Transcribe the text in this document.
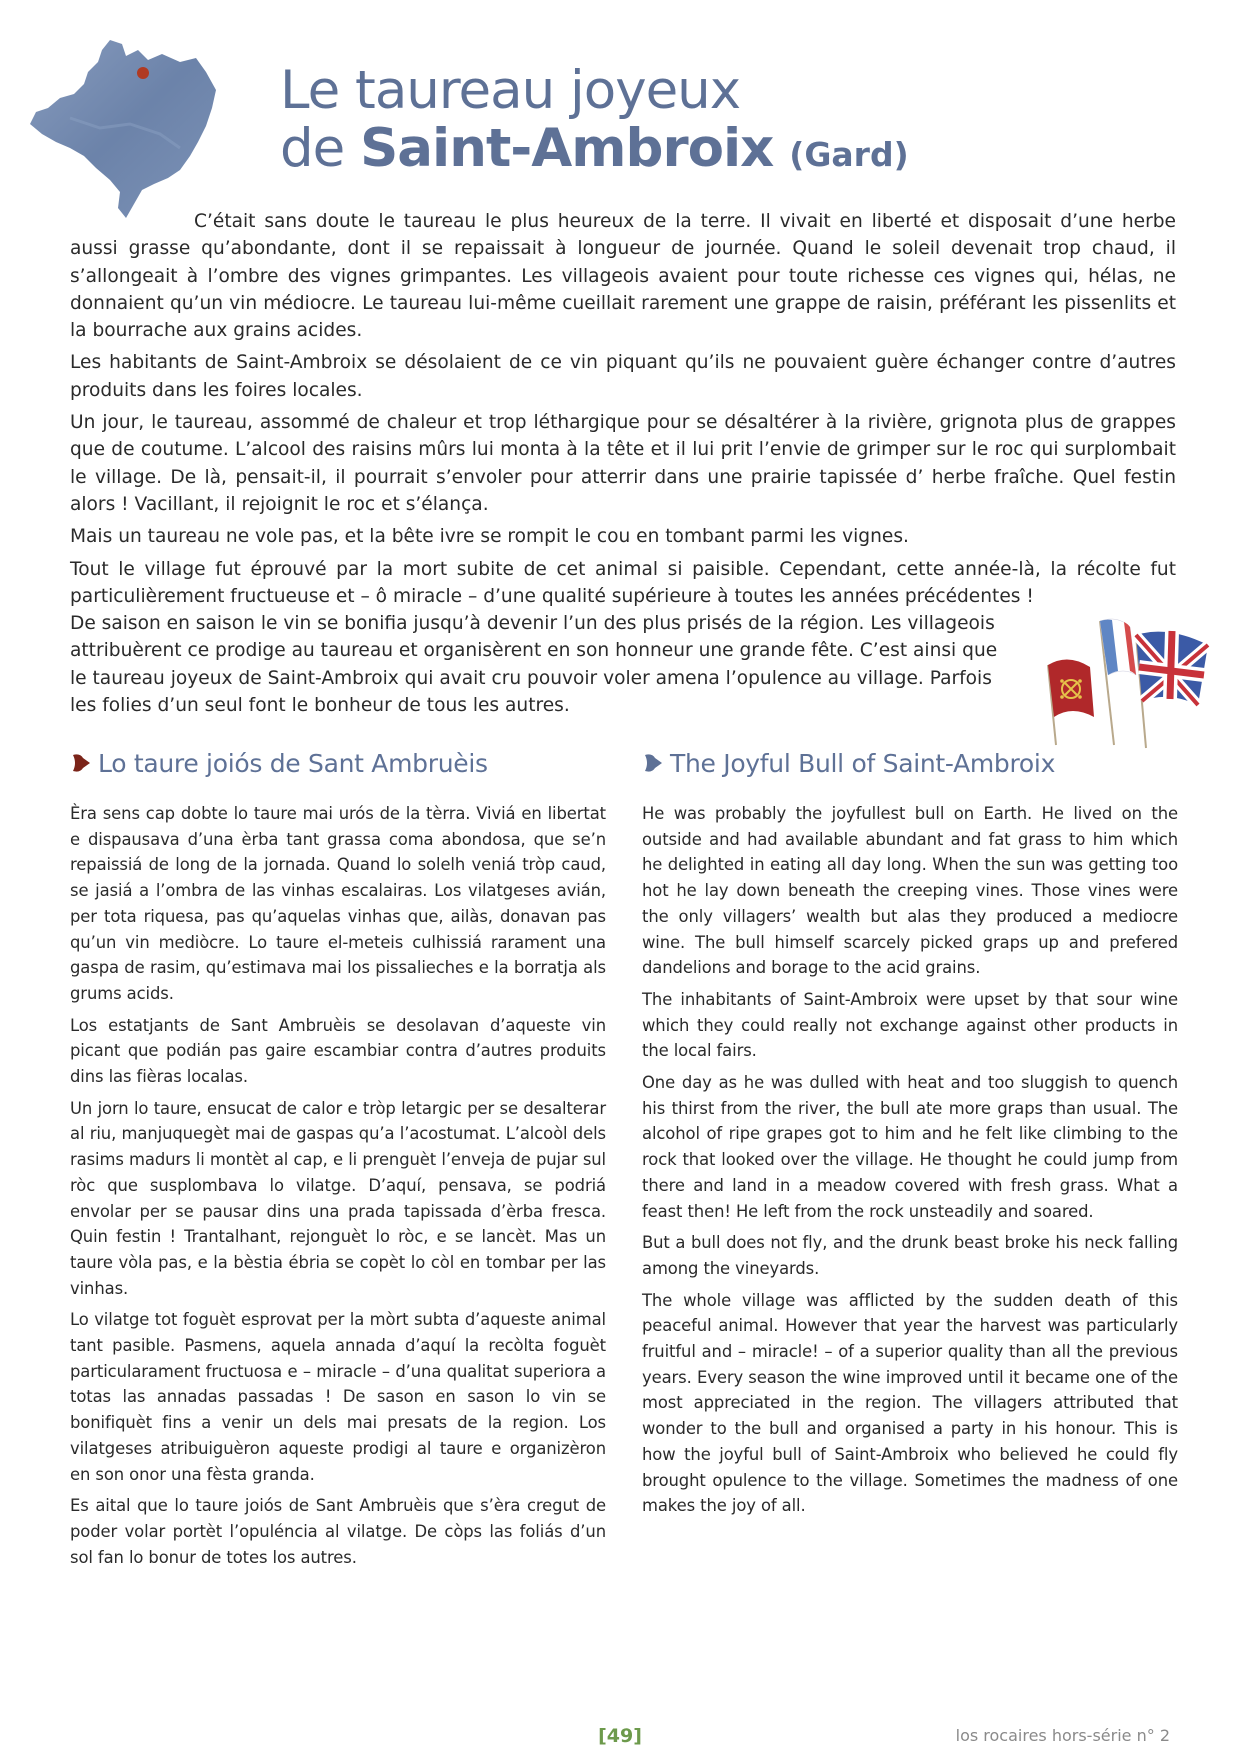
Le taureau joyeux
de Saint-Ambroix (Gard)

C’était sans doute le taureau le plus heureux de la terre. Il vivait en liberté et disposait d’une herbe aussi grasse qu’abondante, dont il se repaissait à longueur de journée. Quand le soleil devenait trop chaud, il s’allongeait à l’ombre des vignes grimpantes. Les villageois avaient pour toute richesse ces vignes qui, hélas, ne donnaient qu’un vin médiocre. Le taureau lui-même cueillait rarement une grappe de raisin, préférant les pissenlits et la bourrache aux grains acides.

Les habitants de Saint-Ambroix se désolaient de ce vin piquant qu’ils ne pouvaient guère échanger contre d’autres produits dans les foires locales.

Un jour, le taureau, assommé de chaleur et trop léthargique pour se désaltérer à la rivière, grignota plus de grappes que de coutume. L’alcool des raisins mûrs lui monta à la tête et il lui prit l’envie de grimper sur le roc qui surplombait le village. De là, pensait-il, il pourrait s’envoler pour atterrir dans une prairie tapissée d’ herbe fraîche. Quel festin alors ! Vacillant, il rejoignit le roc et s’élança.

Mais un taureau ne vole pas, et la bête ivre se rompit le cou en tombant parmi les vignes.

Tout le village fut éprouvé par la mort subite de cet animal si paisible. Cependant, cette année-là, la récolte fut particulièrement fructueuse et – ô miracle – d’une qualité supérieure à toutes les années précédentes !

De saison en saison le vin se bonifia jusqu’à devenir l’un des plus prisés de la région. Les villageois attribuèrent ce prodige au taureau et organisèrent en son honneur une grande fête. C’est ainsi que le taureau joyeux de Saint-Ambroix qui avait cru pouvoir voler amena l’opulence au village. Parfois les folies d’un seul font le bonheur de tous les autres.

Lo taure joiós de Sant Ambruèis

Èra sens cap dobte lo taure mai urós de la tèrra. Viviá en libertat e dispausava d’una èrba tant grassa coma abondosa, que se’n repaissiá de long de la jornada. Quand lo solelh veniá tròp caud, se jasiá a l’ombra de las vinhas escalairas. Los vilatgeses avián, per tota riquesa, pas qu’aquelas vinhas que, ailàs, donavan pas qu’un vin mediòcre. Lo taure el-meteis culhissiá rarament una gaspa de rasim, qu’estimava mai los pissalieches e la borratja als grums acids.

Los estatjants de Sant Ambruèis se desolavan d’aqueste vin picant que podián pas gaire escambiar contra d’autres produits dins las fièras localas.

Un jorn lo taure, ensucat de calor e tròp letargic per se desalterar al riu, manjuquegèt mai de gaspas qu’a l’acostumat. L’alcoòl dels rasims madurs li montèt al cap, e li prenguèt l’enveja de pujar sul ròc que susplombava lo vilatge. D’aquí, pensava, se podriá envolar per se pausar dins una prada tapissada d’èrba fresca. Quin festin ! Trantalhant, rejonguèt lo ròc, e se lancèt. Mas un taure vòla pas, e la bèstia ébria se copèt lo còl en tombar per las vinhas.

Lo vilatge tot foguèt esprovat per la mòrt subta d’aqueste animal tant pasible. Pasmens, aquela annada d’aquí la recòlta foguèt particularament fructuosa e – miracle – d’una qualitat superiora a totas las annadas passadas ! De sason en sason lo vin se bonifiquèt fins a venir un dels mai presats de la region. Los vilatgeses atribuiguèron aqueste prodigi al taure e organizèron en son onor una fèsta granda.

Es aital que lo taure joiós de Sant Ambruèis que s’èra cregut de poder volar portèt l’opuléncia al vilatge. De còps las foliás d’un sol fan lo bonur de totes los autres.

The Joyful Bull of Saint-Ambroix

He was probably the joyfullest bull on Earth. He lived on the outside and had available abundant and fat grass to him which he delighted in eating all day long. When the sun was getting too hot he lay down beneath the creeping vines. Those vines were the only villagers’ wealth but alas they produced a mediocre wine. The bull himself scarcely picked graps up and prefered dandelions and borage to the acid grains.

The inhabitants of Saint-Ambroix were upset by that sour wine which they could really not exchange against other products in the local fairs.

One day as he was dulled with heat and too sluggish to quench his thirst from the river, the bull ate more graps than usual. The alcohol of ripe grapes got to him and he felt like climbing to the rock that looked over the village. He thought he could jump from there and land in a meadow covered with fresh grass. What a feast then! He left from the rock unsteadily and soared.

But a bull does not fly, and the drunk beast broke his neck falling among the vineyards.

The whole village was afflicted by the sudden death of this peaceful animal. However that year the harvest was particularly fruitful and – miracle! – of a superior quality than all the previous years. Every season the wine improved until it became one of the most appreciated in the region. The villagers attributed that wonder to the bull and organised a party in his honour. This is how the joyful bull of Saint-Ambroix who believed he could fly brought opulence to the village. Sometimes the madness of one makes the joy of all.

[49]	los rocaires hors-série n° 2
